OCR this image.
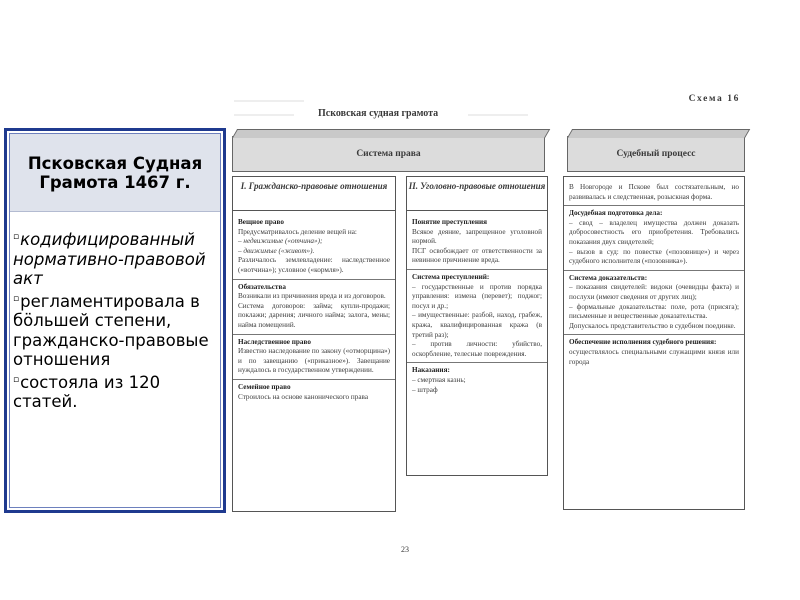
Псковская Судная Грамота 1467 г.
▫кодифицированный нормативно-правовой акт
▫регламентировала в бӧльшей степени, гражданско-правовые отношения
▫состояла из 120 статей.
Схема 16
Псковская судная грамота
Система права	Судебный процесс
I. Гражданско-правовые отношения
Вещное право

Предусматривалось деление вещей на:

– недвижимые («отчина»);

– движимые («живот»).

Различалось землевладение: наследственное («вотчина»); условное («кормля»).

Обязательства

Возникали из причинения вреда и из договоров.

Система договоров: займа; купли-продажи; поклажи; дарения; личного найма; залога, мены; найма помещений.

Наследственное право

Известно наследование по закону («отморщина») и по завещанию («приказное»). Завещание нуждалось в государственном утверждении.

Семейное право

Строилось на основе канонического права

II. Уголовно-правовые отношения
Понятие преступления

Всякое деяние, запрещенное уголовной нормой.

ПСГ освобождает от ответственности за невинное причинение вреда.

Система преступлений:

– государственные и против порядка управления: измена (перевет); поджог; посул и др.;

– имущественные: разбой, наход, грабеж, кража, квалифицированная кража (в третий раз);

– против личности: убийство, оскорбление, телесные повреждения.

Наказания:

– смертная казнь;

– штраф

В Новгороде и Пскове был состязательным, но развивалась и следственная, розыскная форма.

Досудебная подготовка дела:

– свод – владелец имущества должен доказать добросовестность его приобретения. Требовались показания двух свидетелей;

– вызов в суд: по повестке («позовнице») и через судебного исполнителя («позовника»).

Система доказательств:

– показания свидетелей: видоки (очевидцы факта) и послухи (имеют сведения от других лиц);

– формальные доказательства: поле, рота (присяга); письменные и вещественные доказательства.

Допускалось представительство в судебном поединке.

Обеспечение исполнения судебного решения:

осуществлялось специальными служащими князя или города

23
